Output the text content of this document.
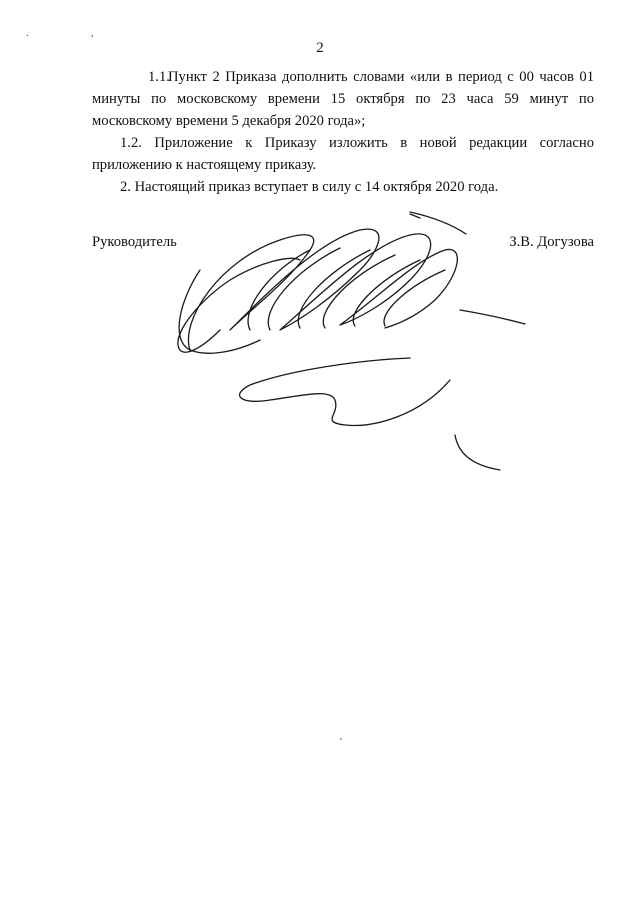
. ,
2

1.1.Пункт 2 Приказа дополнить словами «или в период с 00 часов 01 минуты по московскому времени 15 октября по 23 часа 59 минут по московскому времени 5 декабря 2020 года»;

1.2. Приложение к Приказу изложить в новой редакции согласно приложению к настоящему приказу.

2. Настоящий приказ вступает в силу с 14 октября 2020 года.

Руководитель	З.В. Догузова
